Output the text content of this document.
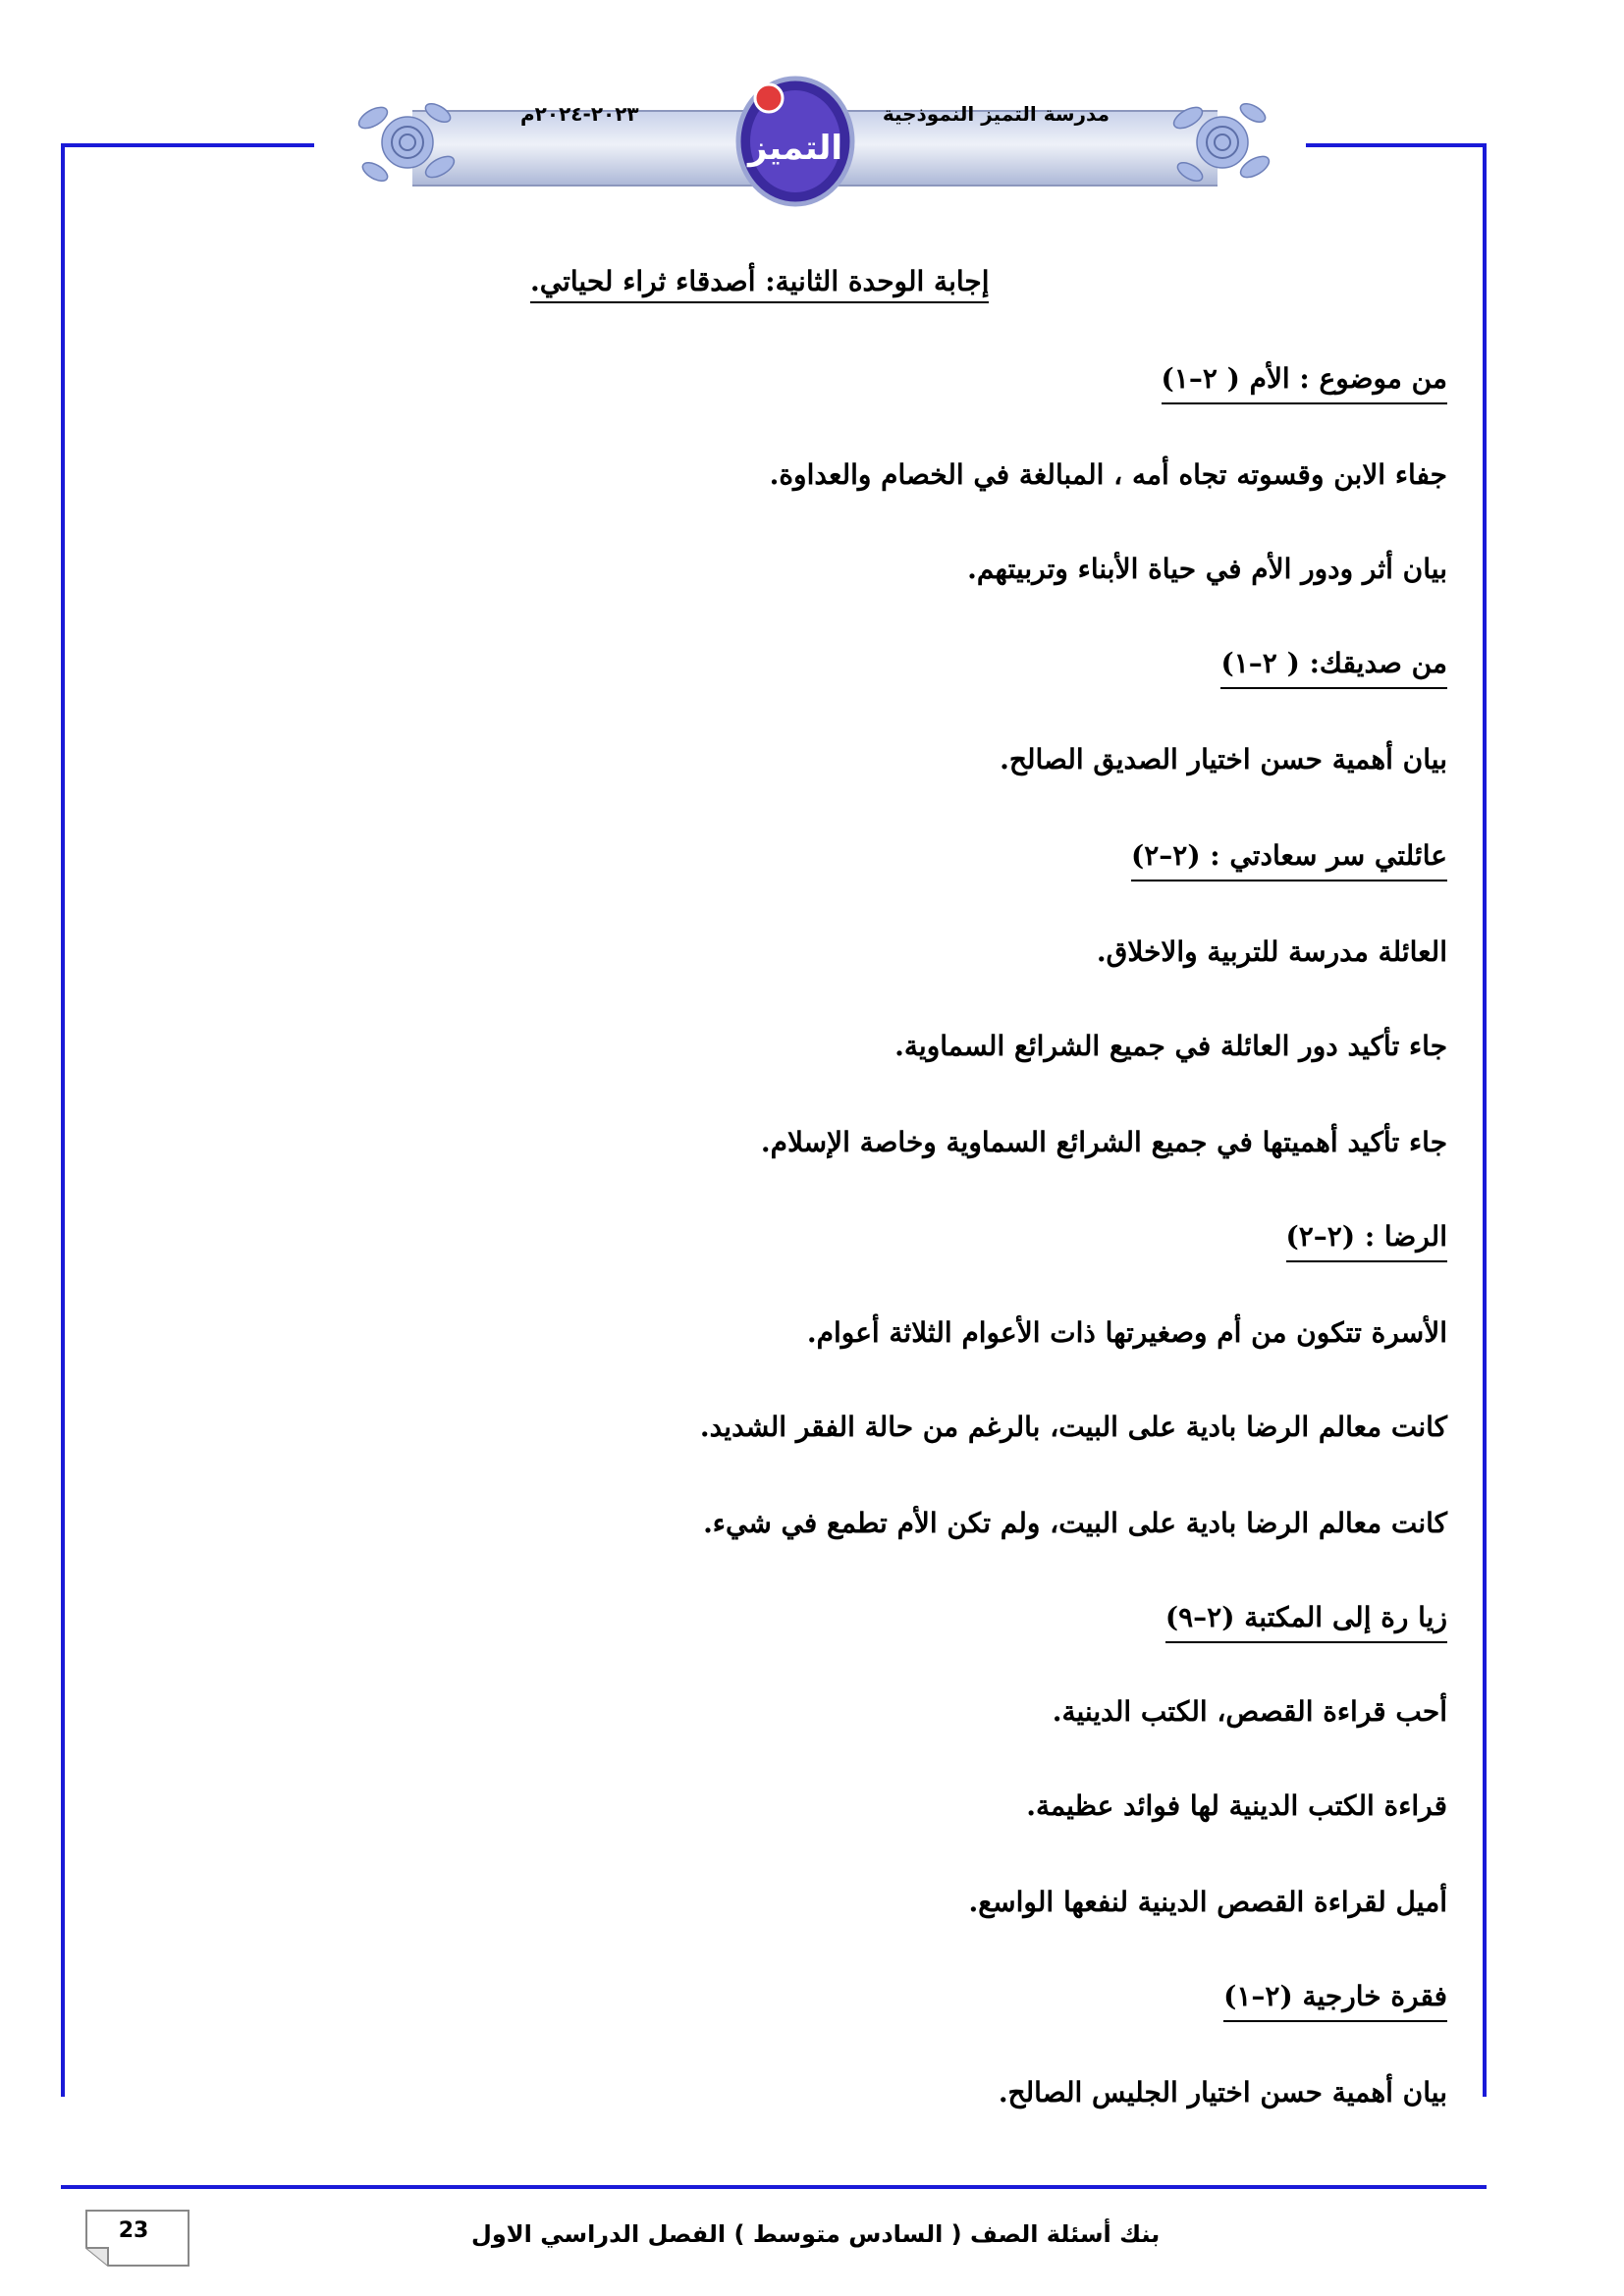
مدرسة التميز النموذجية
٢٠٢٣-٢٠٢٤م
التميز
إجابة الوحدة الثانية: أصدقاء ثراء لحياتي.
من موضوع : الأم ( ٢–١)
جفاء الابن وقسوته تجاه أمه ، المبالغة في الخصام والعداوة.
بيان أثر ودور الأم في حياة الأبناء وتربيتهم.
من صديقك: ( ٢–١)
بيان أهمية حسن اختيار الصديق الصالح.
عائلتي سر سعادتي : (٢–٢)
العائلة مدرسة للتربية والاخلاق.
جاء تأكيد دور العائلة في جميع الشرائع السماوية.
جاء تأكيد أهميتها في جميع الشرائع السماوية وخاصة الإسلام.
الرضا : (٢–٢)
الأسرة تتكون من أم وصغيرتها ذات الأعوام الثلاثة أعوام.
كانت معالم الرضا بادية على البيت، بالرغم من حالة الفقر الشديد.
كانت معالم الرضا بادية على البيت، ولم تكن الأم تطمع في شيء.
زيا رة إلى المكتبة (٢–٩)
أحب قراءة القصص، الكتب الدينية.
قراءة الكتب الدينية لها فوائد عظيمة.
أميل لقراءة القصص الدينية لنفعها الواسع.
فقرة خارجية (٢–١)
بيان أهمية حسن اختيار الجليس الصالح.
23	بنك أسئلة الصف ( السادس متوسط ) الفصل الدراسي الاول
